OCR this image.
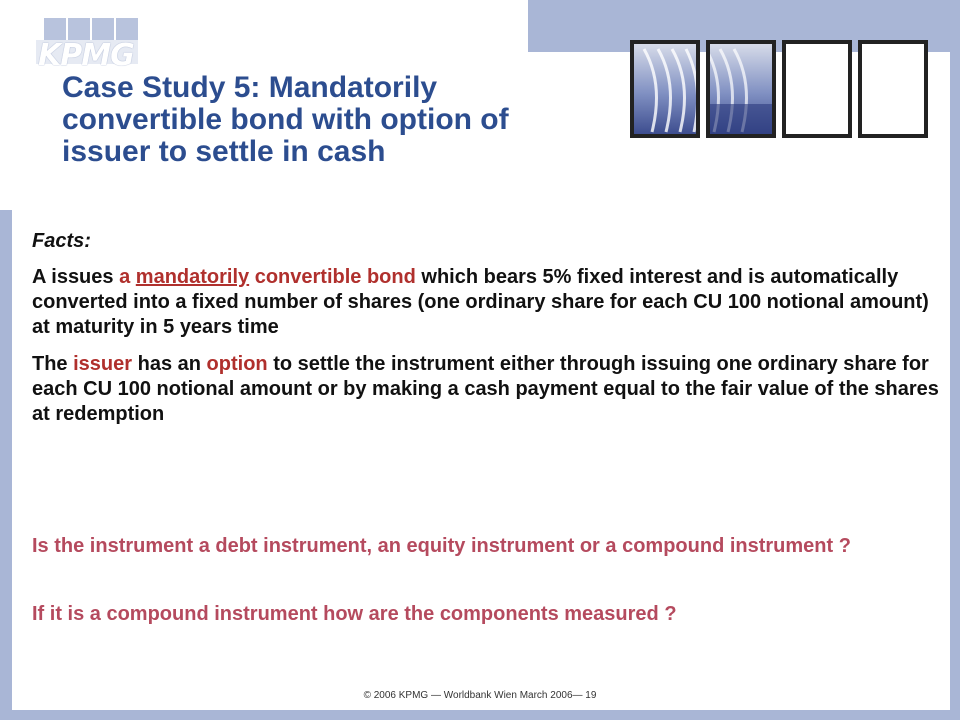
KPMG
Case Study 5: Mandatorily convertible bond with option of issuer to settle in cash

Facts:

A issues a mandatorily convertible bond which bears 5% fixed interest and is automatically converted into a fixed number of shares (one ordinary share for each CU 100 notional amount) at maturity in 5 years time

The issuer has an option to settle the instrument either through issuing one ordinary share for each CU 100 notional amount or by making a cash payment equal to the fair value of the shares at redemption

Is the instrument a debt instrument, an equity instrument or a compound instrument ?

If it is a compound instrument how are the components measured ?

© 2006 KPMG — Worldbank Wien March 2006— 19
